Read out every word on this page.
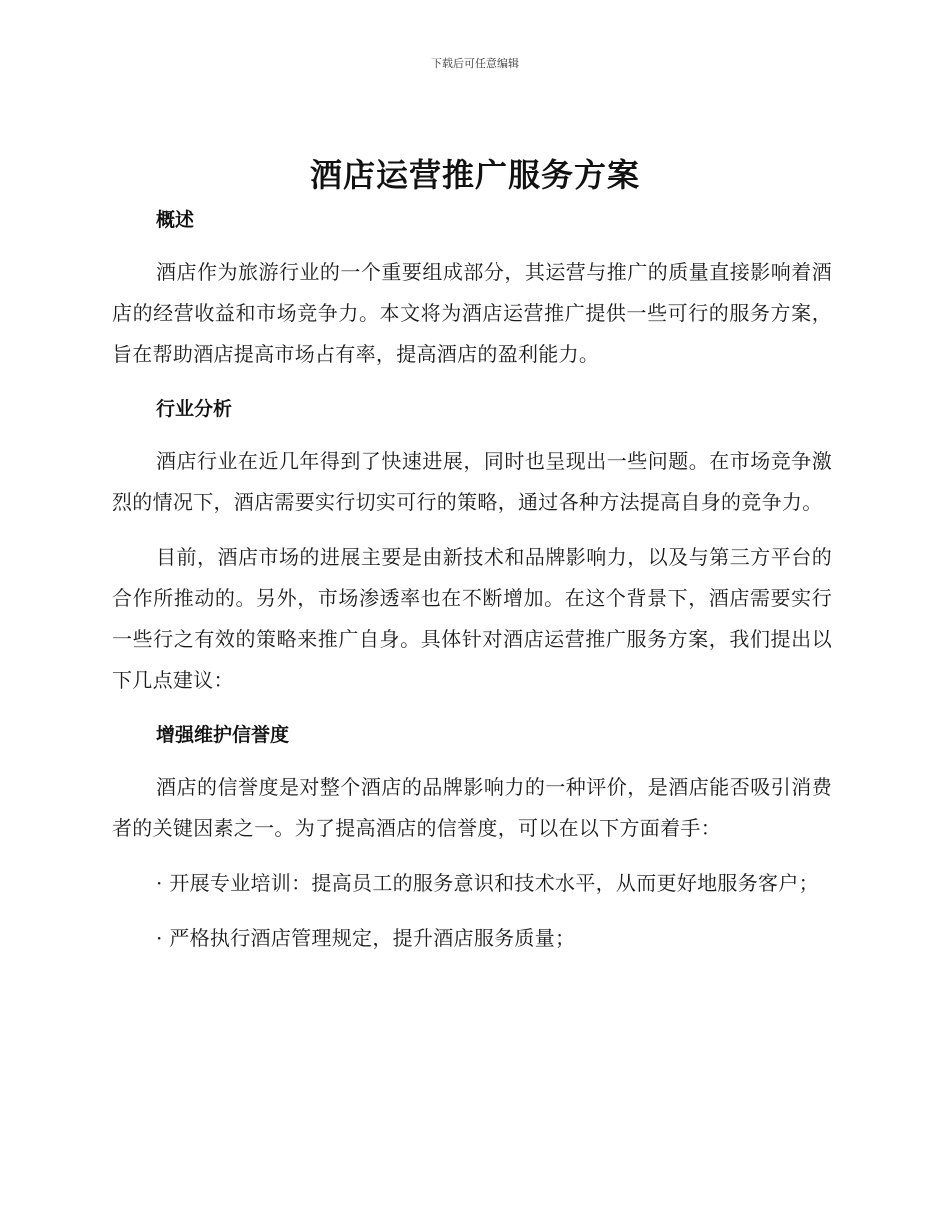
下载后可任意编辑
酒店运营推广服务方案
概述

酒店作为旅游行业的一个重要组成部分，其运营与推广的质量直接影响着酒店的经营收益和市场竞争力。本文将为酒店运营推广提供一些可行的服务方案，旨在帮助酒店提高市场占有率，提高酒店的盈利能力。

行业分析

酒店行业在近几年得到了快速进展，同时也呈现出一些问题。在市场竞争激烈的情况下，酒店需要实行切实可行的策略，通过各种方法提高自身的竞争力。

目前，酒店市场的进展主要是由新技术和品牌影响力，以及与第三方平台的合作所推动的。另外，市场渗透率也在不断增加。在这个背景下，酒店需要实行一些行之有效的策略来推广自身。具体针对酒店运营推广服务方案，我们提出以下几点建议：

增强维护信誉度

酒店的信誉度是对整个酒店的品牌影响力的一种评价，是酒店能否吸引消费者的关键因素之一。为了提高酒店的信誉度，可以在以下方面着手：

· 开展专业培训：提高员工的服务意识和技术水平，从而更好地服务客户；

· 严格执行酒店管理规定，提升酒店服务质量；
